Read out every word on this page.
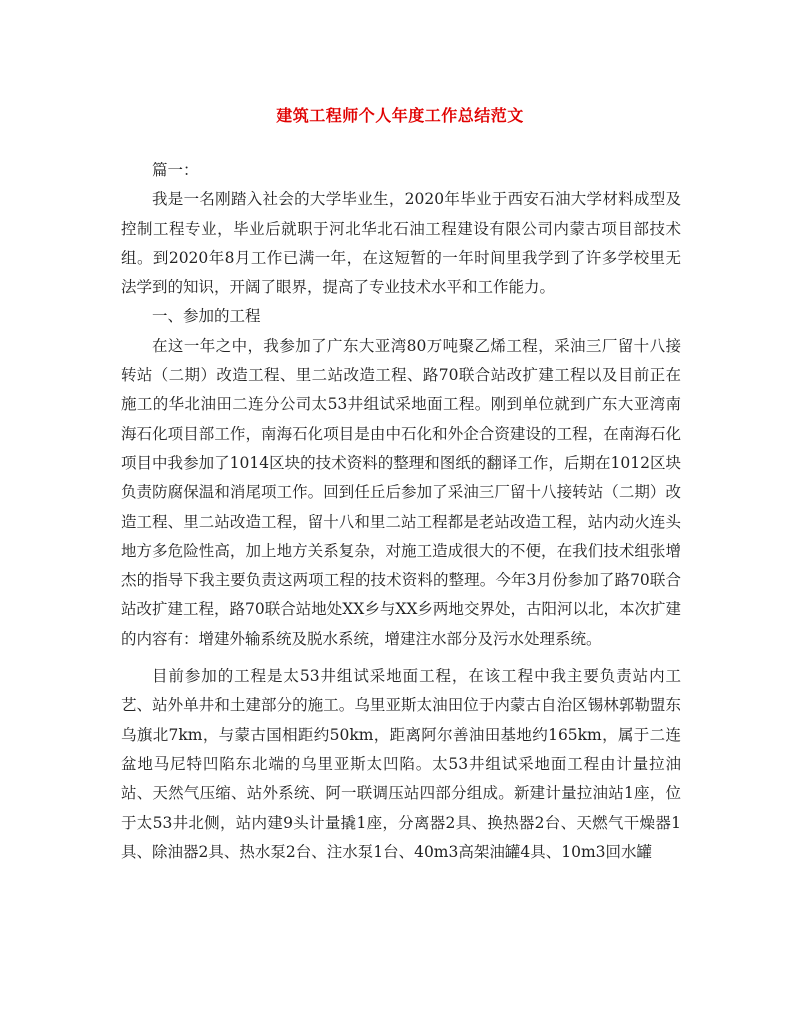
建筑工程师个人年度工作总结范文

篇一：

我是一名刚踏入社会的大学毕业生，2020年毕业于西安石油大学材料成型及控制工程专业，毕业后就职于河北华北石油工程建设有限公司内蒙古项目部技术组。到2020年8月工作已满一年，在这短暂的一年时间里我学到了许多学校里无法学到的知识，开阔了眼界，提高了专业技术水平和工作能力。

一、参加的工程

在这一年之中，我参加了广东大亚湾80万吨聚乙烯工程，采油三厂留十八接转站（二期）改造工程、里二站改造工程、路70联合站改扩建工程以及目前正在施工的华北油田二连分公司太53井组试采地面工程。刚到单位就到广东大亚湾南海石化项目部工作，南海石化项目是由中石化和外企合资建设的工程，在南海石化项目中我参加了1014区块的技术资料的整理和图纸的翻译工作，后期在1012区块负责防腐保温和消尾项工作。回到任丘后参加了采油三厂留十八接转站（二期）改造工程、里二站改造工程，留十八和里二站工程都是老站改造工程，站内动火连头地方多危险性高，加上地方关系复杂，对施工造成很大的不便，在我们技术组张增杰的指导下我主要负责这两项工程的技术资料的整理。今年3月份参加了路70联合站改扩建工程，路70联合站地处XX乡与XX乡两地交界处，古阳河以北，本次扩建的内容有：增建外输系统及脱水系统，增建注水部分及污水处理系统。

目前参加的工程是太53井组试采地面工程，在该工程中我主要负责站内工艺、站外单井和土建部分的施工。乌里亚斯太油田位于内蒙古自治区锡林郭勒盟东乌旗北7km，与蒙古国相距约50km，距离阿尔善油田基地约165km，属于二连盆地马尼特凹陷东北端的乌里亚斯太凹陷。太53井组试采地面工程由计量拉油站、天然气压缩、站外系统、阿一联调压站四部分组成。新建计量拉油站1座，位于太53井北侧，站内建9头计量撬1座，分离器2具、换热器2台、天燃气干燥器1具、除油器2具、热水泵2台、注水泵1台、40m3高架油罐4具、10m3回水罐
